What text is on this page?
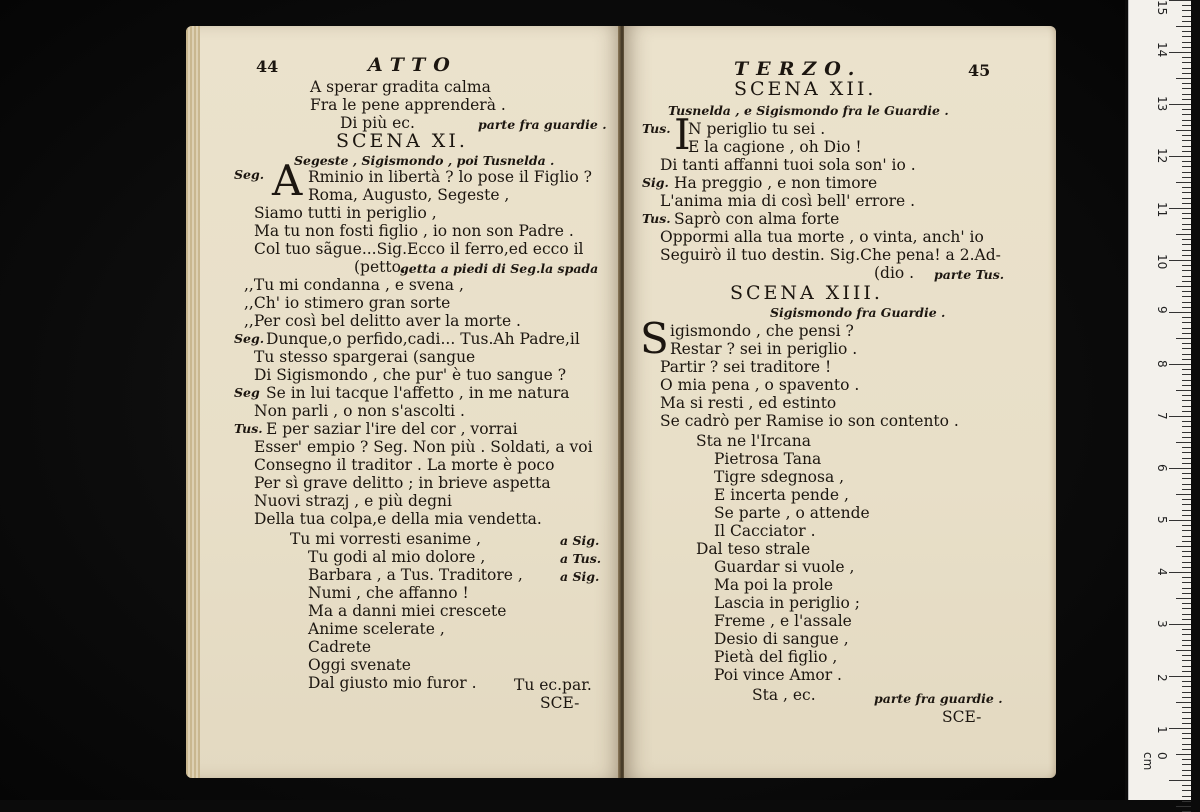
44	ATTO
A sperar gradita calma
Fra le pene apprenderà .
Di più ec.	parte fra guardie .
SCENA XI.
Segeste , Sigismondo , poi Tusnelda .
Seg. A Rminio in libertà ? lo pose il Figlio ?
Roma, Augusto, Segeste ,
Siamo tutti in periglio ,
Ma tu non fosti figlio , io non son Padre .
Col tuo sãgue...Sig.Ecco il ferro,ed ecco il
(petto.
getta a piedi di Seg.la spada
,,Tu mi condanna , e svena ,
,,Ch' io stimero gran sorte
,,Per così bel delitto aver la morte .
Seg. Dunque,o perfido,cadi... Tus.Ah Padre,il
Tu stesso spargerai (sangue
Di Sigismondo , che pur' è tuo sangue ?
Seg Se in lui tacque l'affetto , in me natura
Non parli , o non s'ascolti .
Tus. E per saziar l'ire del cor , vorrai
Esser' empio ? Seg. Non più . Soldati, a voi
Consegno il traditor . La morte è poco
Per sì grave delitto ; in brieve aspetta
Nuovi strazj , e più degni
Della tua colpa,e della mia vendetta.
Tu mi vorresti esanime ,	a Sig.
Tu godi al mio dolore ,	a Tus.
Barbara , a Tus. Traditore ,	a Sig.
Numi , che affanno !
Ma a danni miei crescete
Anime scelerate ,
Cadrete
Oggi svenate
Dal giusto mio furor . Tu ec.par.
SCE-
TERZO.	45
SCENA XII.
Tusnelda , e Sigismondo fra le Guardie .
Tus. I
N periglio tu sei .
E la cagione , oh Dio !
Di tanti affanni tuoi sola son' io .
Sig. Ha preggio , e non timore
L'anima mia di così bell' errore .
Tus. Saprò con alma forte
Oppormi alla tua morte , o vinta, anch' io
Seguirò il tuo destin. Sig.Che pena! a 2.Ad-
(dio . parte Tus.
SCENA XIII.
Sigismondo fra Guardie .
S igismondo , che pensi ?
Restar ? sei in periglio .
Partir ? sei traditore !
O mia pena , o spavento .
Ma si resti , ed estinto
Se cadrò per Ramise io son contento .
Sta ne l'Ircana
Pietrosa Tana
Tigre sdegnosa ,
E incerta pende ,
Se parte , o attende
Il Cacciator .
Dal teso strale
Guardar si vuole ,
Ma poi la prole
Lascia in periglio ;
Freme , e l'assale
Desio di sangue ,
Pietà del figlio ,
Poi vince Amor .
Sta , ec.	parte fra guardie .
SCE-
15
14
13
12
11
10
9
8
7
6
5
4
3
2
1
0 cm
